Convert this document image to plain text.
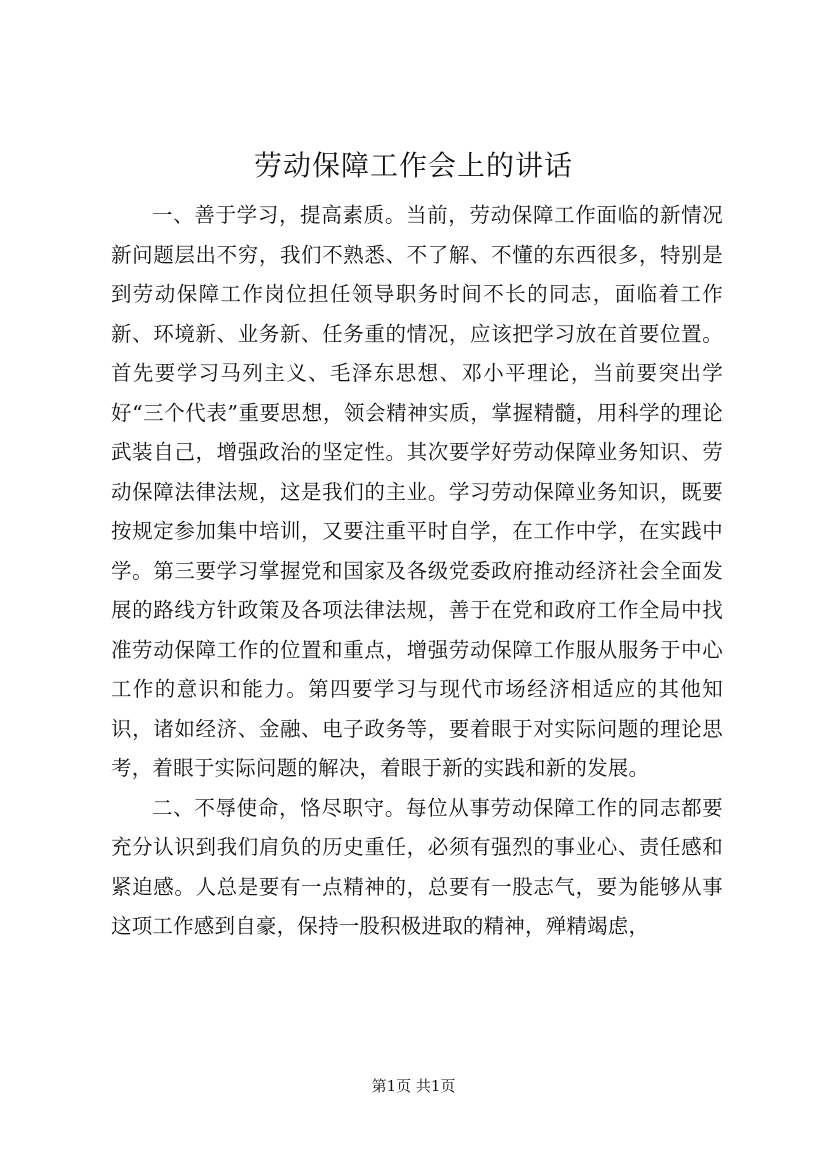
劳动保障工作会上的讲话

一、善于学习，提高素质。当前，劳动保障工作面临的新情况新问题层出不穷，我们不熟悉、不了解、不懂的东西很多，特别是到劳动保障工作岗位担任领导职务时间不长的同志，面临着工作新、环境新、业务新、任务重的情况，应该把学习放在首要位置。首先要学习马列主义、毛泽东思想、邓小平理论，当前要突出学好“三个代表”重要思想，领会精神实质，掌握精髓，用科学的理论武装自己，增强政治的坚定性。其次要学好劳动保障业务知识、劳动保障法律法规，这是我们的主业。学习劳动保障业务知识，既要按规定参加集中培训，又要注重平时自学，在工作中学，在实践中学。第三要学习掌握党和国家及各级党委政府推动经济社会全面发展的路线方针政策及各项法律法规，善于在党和政府工作全局中找准劳动保障工作的位置和重点，增强劳动保障工作服从服务于中心工作的意识和能力。第四要学习与现代市场经济相适应的其他知识，诸如经济、金融、电子政务等，要着眼于对实际问题的理论思考，着眼于实际问题的解决，着眼于新的实践和新的发展。

二、不辱使命，恪尽职守。每位从事劳动保障工作的同志都要充分认识到我们肩负的历史重任，必须有强烈的事业心、责任感和紧迫感。人总是要有一点精神的，总要有一股志气，要为能够从事这项工作感到自豪，保持一股积极进取的精神，殚精竭虑，

第1页 共1页
